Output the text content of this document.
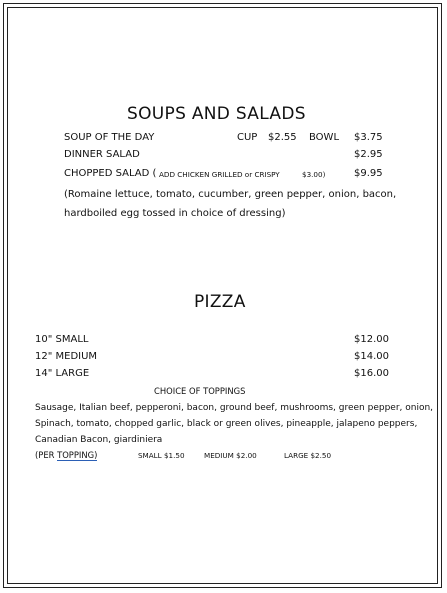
SOUPS AND SALADS
SOUP OF THE DAY	CUP $2.55 BOWL $3.75
DINNER SALAD	$2.95
CHOPPED SALAD ( ADD CHICKEN GRILLED or CRISPY	$3.00)	$9.95
(Romaine lettuce, tomato, cucumber, green pepper, onion, bacon, hardboiled egg tossed in choice of dressing)
PIZZA
10" SMALL	$12.00
12" MEDIUM	$14.00
14" LARGE	$16.00
CHOICE OF TOPPINGS
Sausage, Italian beef, pepperoni, bacon, ground beef, mushrooms, green pepper, onion, Spinach, tomato, chopped garlic, black or green olives, pineapple, jalapeno peppers, Canadian Bacon, giardiniera
(PER TOPPING)	SMALL $1.50	MEDIUM $2.00	LARGE $2.50
